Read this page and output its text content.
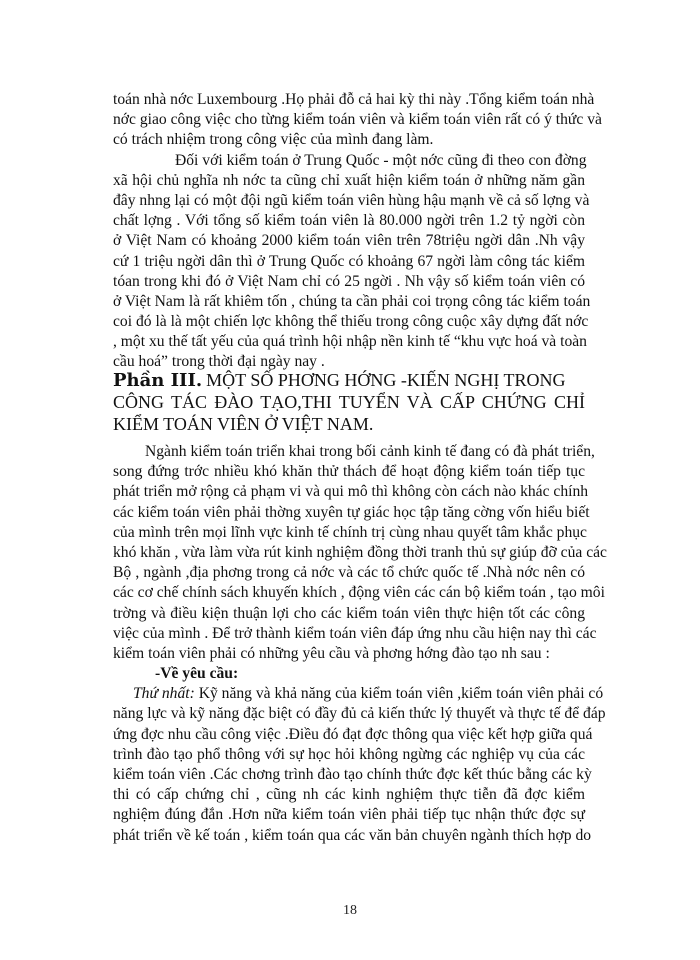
toán nhà nớc Luxembourg .Họ phải đỗ cả hai kỳ thi này .Tổng kiểm toán nhà
nớc giao công việc cho từng kiểm toán viên và kiểm toán viên rất có ý thức và
có trách nhiệm trong công việc của mình đang làm.
Đối với kiểm toán ở Trung Quốc - một nớc cũng đi theo con đờng
xã hội chủ nghĩa nh nớc ta cũng chỉ xuất hiện kiểm toán ở những năm gần
đây nhng lại có một đội ngũ kiểm toán viên hùng hậu mạnh về cả số lợng và
chất lợng . Với tổng số kiểm toán viên là 80.000 ngời trên 1.2 tỷ ngời còn
ở Việt Nam có khoảng 2000 kiểm toán viên trên 78triệu ngời dân .Nh vậy
cứ 1 triệu ngời dân thì ở Trung Quốc có khoảng 67 ngời làm công tác kiểm
tóan trong khi đó ở Việt Nam chỉ có 25 ngời . Nh vậy số kiểm toán viên có
ở Việt Nam là rất khiêm tốn , chúng ta cần phải coi trọng công tác kiểm toán
coi đó là là một chiến lợc không thể thiếu trong công cuộc xây dựng đất nớc
, một xu thế tất yếu của quá trình hội nhập nền kinh tế “khu vực hoá và toàn
cầu hoá” trong thời đại ngày nay .
Phần III. MỘT SỐ PHƠNG HỚNG -KIẾN NGHỊ TRONG
CÔNG TÁC ĐÀO TẠO,THI TUYỂN VÀ CẤP CHỨNG CHỈ
KIỂM TOÁN VIÊN Ở VIỆT NAM.
Ngành kiểm toán triển khai trong bối cảnh kinh tế đang có đà phát triển,
song đứng trớc nhiều khó khăn thử thách để hoạt động kiểm toán tiếp tục
phát triển mở rộng cả phạm vi và qui mô thì không còn cách nào khác chính
các kiểm toán viên phải thờng xuyên tự giác học tập tăng cờng vốn hiểu biết
của mình trên mọi lĩnh vực kinh tế chính trị cùng nhau quyết tâm khắc phục
khó khăn , vừa làm vừa rút kinh nghiệm đồng thời tranh thủ sự giúp đỡ của các
Bộ , ngành ,địa phơng trong cả nớc và các tổ chức quốc tế .Nhà nớc nên có
các cơ chế chính sách khuyến khích , động viên các cán bộ kiểm toán , tạo môi
trờng và điều kiện thuận lợi cho các kiểm toán viên thực hiện tốt các công
việc của mình . Để trở thành kiểm toán viên đáp ứng nhu cầu hiện nay thì các
kiểm toán viên phải có những yêu cầu và phơng hớng đào tạo nh sau :
-Về yêu cầu:
Thứ nhất: Kỹ năng và khả năng của kiểm toán viên ,kiểm toán viên phải có
năng lực và kỹ năng đặc biệt có đầy đủ cả kiến thức lý thuyết và thực tế để đáp
ứng đợc nhu cầu công việc .Điều đó đạt đợc thông qua việc kết hợp giữa quá
trình đào tạo phổ thông với sự học hỏi không ngừng các nghiệp vụ của các
kiểm toán viên .Các chơng trình đào tạo chính thức đợc kết thúc bằng các kỳ
thi có cấp chứng chỉ , cũng nh các kinh nghiệm thực tiễn đã đợc kiểm
nghiệm đúng đắn .Hơn nữa kiểm toán viên phải tiếp tục nhận thức đợc sự
phát triển về kế toán , kiểm toán qua các văn bản chuyên ngành thích hợp do
18
